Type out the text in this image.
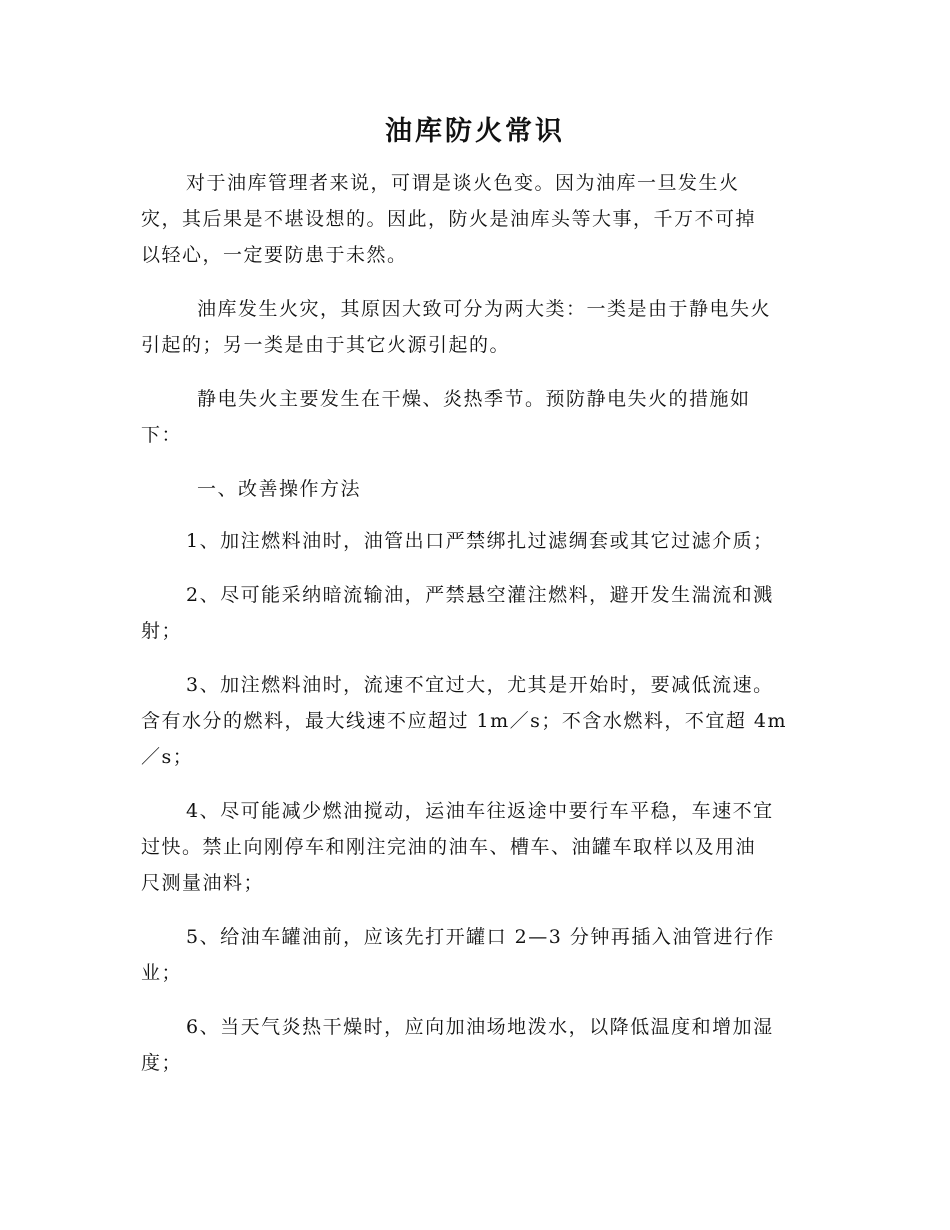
油库防火常识
对于油库管理者来说，可谓是谈火色变。因为油库一旦发生火
灾，其后果是不堪设想的。因此，防火是油库头等大事，千万不可掉
以轻心，一定要防患于未然。
油库发生火灾，其原因大致可分为两大类：一类是由于静电失火
引起的；另一类是由于其它火源引起的。
静电失火主要发生在干燥、炎热季节。预防静电失火的措施如
下：
一、改善操作方法
1、加注燃料油时，油管出口严禁绑扎过滤绸套或其它过滤介质；
2、尽可能采纳暗流输油，严禁悬空灌注燃料，避开发生湍流和溅
射；
3、加注燃料油时，流速不宜过大，尤其是开始时，要减低流速。
含有水分的燃料，最大线速不应超过 1m／s；不含水燃料，不宜超 4m
／s；
4、尽可能减少燃油搅动，运油车往返途中要行车平稳，车速不宜
过快。禁止向刚停车和刚注完油的油车、槽车、油罐车取样以及用油
尺测量油料；
5、给油车罐油前，应该先打开罐口 2—3 分钟再插入油管进行作
业；
6、当天气炎热干燥时，应向加油场地泼水，以降低温度和增加湿
度；
